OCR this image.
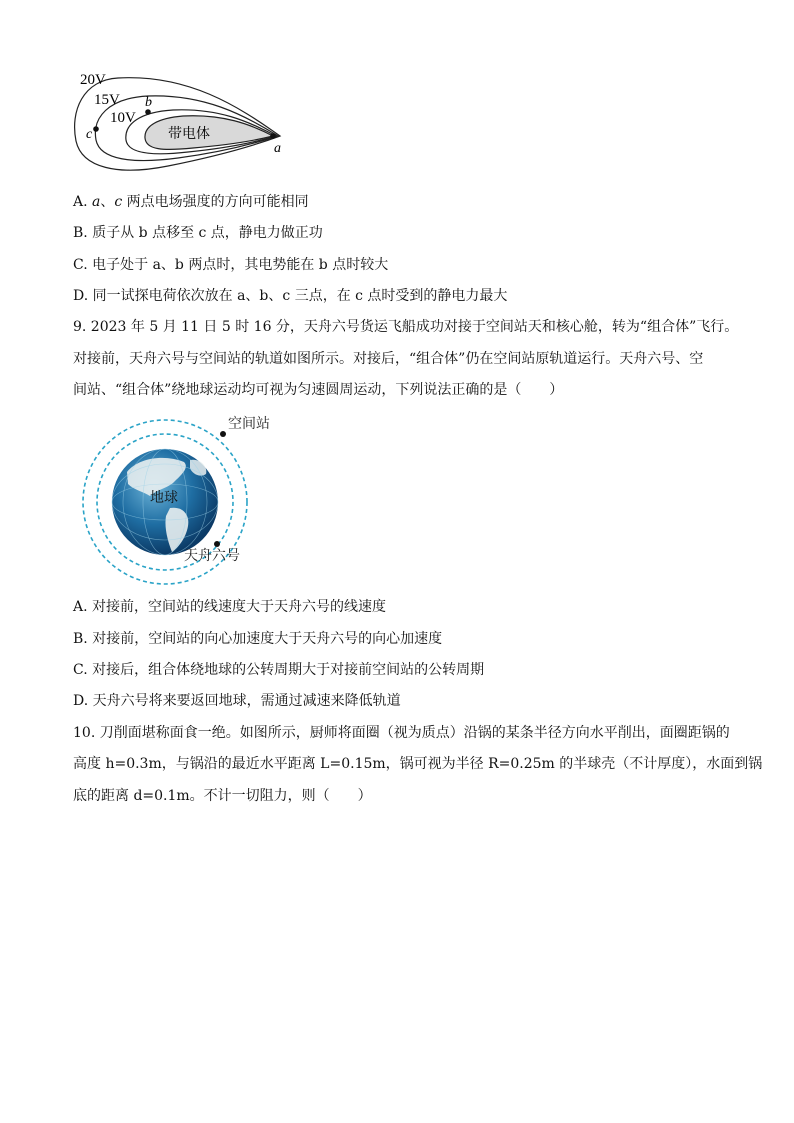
20V
15V
10V
带电体
a
b
c
A. a、c 两点电场强度的方向可能相同
B. 质子从 b 点移至 c 点，静电力做正功
C. 电子处于 a、b 两点时，其电势能在 b 点时较大
D. 同一试探电荷依次放在 a、b、c 三点，在 c 点时受到的静电力最大
9. 2023 年 5 月 11 日 5 时 16 分，天舟六号货运飞船成功对接于空间站天和核心舱，转为“组合体”飞行。
对接前，天舟六号与空间站的轨道如图所示。对接后，“组合体”仍在空间站原轨道运行。天舟六号、空
间站、“组合体”绕地球运动均可视为匀速圆周运动，下列说法正确的是（　　）
空间站
地球
天舟六号
A. 对接前，空间站的线速度大于天舟六号的线速度
B. 对接前，空间站的向心加速度大于天舟六号的向心加速度
C. 对接后，组合体绕地球的公转周期大于对接前空间站的公转周期
D. 天舟六号将来要返回地球，需通过减速来降低轨道
10. 刀削面堪称面食一绝。如图所示，厨师将面圈（视为质点）沿锅的某条半径方向水平削出，面圈距锅的
高度 h=0.3m，与锅沿的最近水平距离 L=0.15m，锅可视为半径 R=0.25m 的半球壳（不计厚度），水面到锅
底的距离 d=0.1m。不计一切阻力，则（　　）
